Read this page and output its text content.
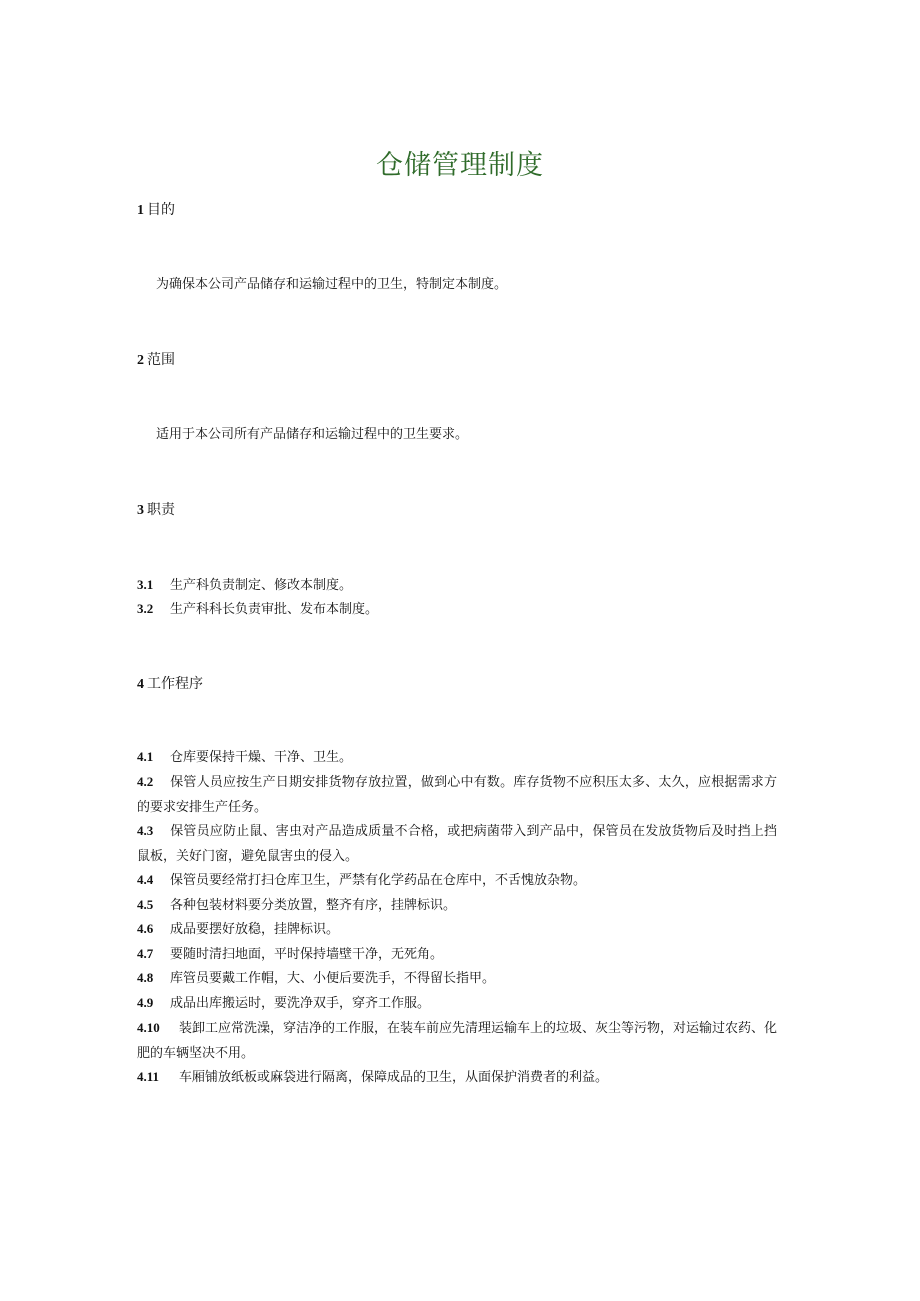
仓储管理制度
1 目的
为确保本公司产品储存和运输过程中的卫生，特制定本制度。
2 范围
适用于本公司所有产品储存和运输过程中的卫生要求。
3 职责
3.1 生产科负责制定、修改本制度。
3.2 生产科科长负责审批、发布本制度。
4 工作程序
4.1 仓库要保持干燥、干净、卫生。
4.2 保管人员应按生产日期安排货物存放拉置，做到心中有数。库存货物不应积压太多、太久，应根据需求方的要求安排生产任务。
4.3 保管员应防止鼠、害虫对产品造成质量不合格，或把病菌带入到产品中，保管员在发放货物后及时挡上挡鼠板，关好门窗，避免鼠害虫的侵入。
4.4 保管员要经常打扫仓库卫生，严禁有化学药品在仓库中，不舌愧放杂物。
4.5 各种包装材料要分类放置，整齐有序，挂牌标识。
4.6 成品要摆好放稳，挂牌标识。
4.7 要随时清扫地面，平时保持墙壁干净，无死角。
4.8 库管员要戴工作帽，大、小便后要洗手，不得留长指甲。
4.9 成品出库搬运时，要洗净双手，穿齐工作服。
4.10 装卸工应常洗澡，穿洁净的工作服，在装车前应先清理运输车上的垃圾、灰尘等污物，对运输过农药、化肥的车辆坚决不用。
4.11 车厢铺放纸板或麻袋进行隔离，保障成品的卫生，从面保护消费者的利益。
